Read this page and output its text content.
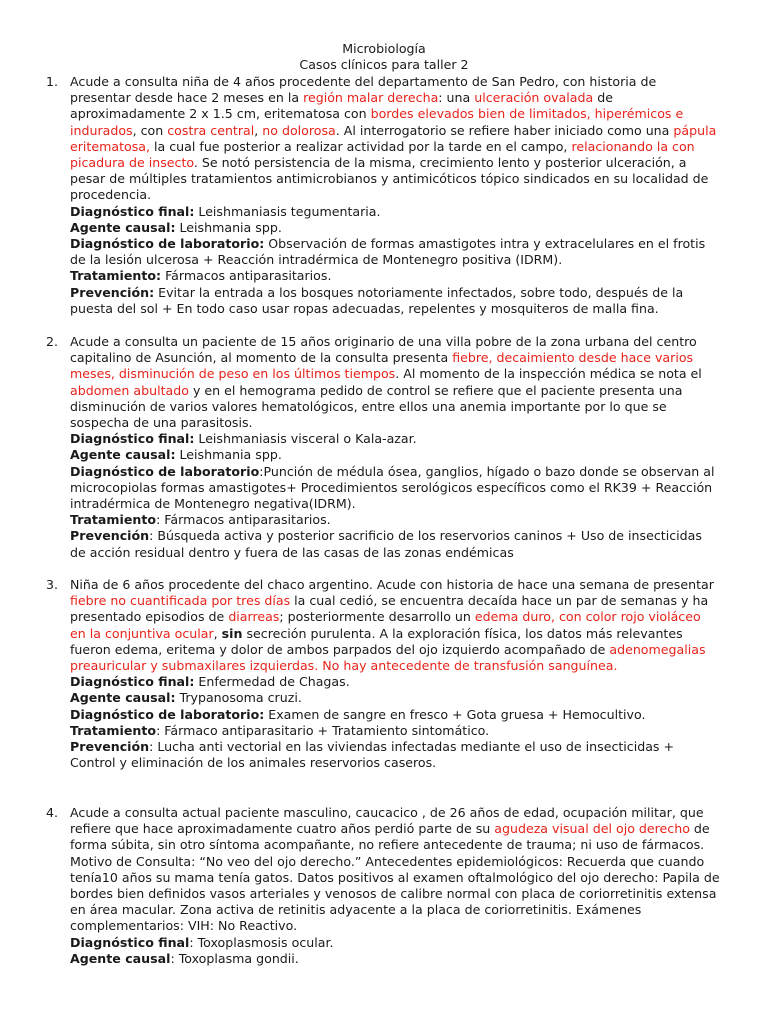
Microbiología
Casos clínicos para taller 2
1. Acude a consulta niña de 4 años procedente del departamento de San Pedro, con historia de presentar desde hace 2 meses en la región malar derecha: una ulceración ovalada de aproximadamente 2 x 1.5 cm, eritematosa con bordes elevados bien de limitados, hiperémicos e indurados, con costra central, no dolorosa. Al interrogatorio se refiere haber iniciado como una pápula eritematosa, la cual fue posterior a realizar actividad por la tarde en el campo, relacionando la con picadura de insecto. Se notó persistencia de la misma, crecimiento lento y posterior ulceración, a pesar de múltiples tratamientos antimicrobianos y antimicóticos tópico sindicados en su localidad de procedencia.

Diagnóstico final: Leishmaniasis tegumentaria.
Agente causal: Leishmania spp.
Diagnóstico de laboratorio: Observación de formas amastigotes intra y extracelulares en el frotis de la lesión ulcerosa + Reacción intradérmica de Montenegro positiva (IDRM).
Tratamiento: Fármacos antiparasitarios.
Prevención: Evitar la entrada a los bosques notoriamente infectados, sobre todo, después de la puesta del sol + En todo caso usar ropas adecuadas, repelentes y mosquiteros de malla fina.
2. Acude a consulta un paciente de 15 años originario de una villa pobre de la zona urbana del centro capitalino de Asunción, al momento de la consulta presenta fiebre, decaimiento desde hace varios meses, disminución de peso en los últimos tiempos. Al momento de la inspección médica se nota el abdomen abultado y en el hemograma pedido de control se refiere que el paciente presenta una disminución de varios valores hematológicos, entre ellos una anemia importante por lo que se sospecha de una parasitosis.

Diagnóstico final: Leishmaniasis visceral o Kala-azar.
Agente causal: Leishmania spp.
Diagnóstico de laboratorio:Punción de médula ósea, ganglios, hígado o bazo donde se observan al microcopiolas formas amastigotes+ Procedimientos serológicos específicos como el RK39 + Reacción intradérmica de Montenegro negativa(IDRM).
Tratamiento: Fármacos antiparasitarios.
Prevención: Búsqueda activa y posterior sacrificio de los reservorios caninos + Uso de insecticidas de acción residual dentro y fuera de las casas de las zonas endémicas
3. Niña de 6 años procedente del chaco argentino. Acude con historia de hace una semana de presentar fiebre no cuantificada por tres días la cual cedió, se encuentra decaída hace un par de semanas y ha presentado episodios de diarreas; posteriormente desarrollo un edema duro, con color rojo violáceo en la conjuntiva ocular, sin secreción purulenta. A la exploración física, los datos más relevantes fueron edema, eritema y dolor de ambos parpados del ojo izquierdo acompañado de adenomegalias preauricular y submaxilares izquierdas. No hay antecedente de transfusión sanguínea.

Diagnóstico final: Enfermedad de Chagas.
Agente causal: Trypanosoma cruzi.
Diagnóstico de laboratorio: Examen de sangre en fresco + Gota gruesa + Hemocultivo.
Tratamiento: Fármaco antiparasitario + Tratamiento sintomático.
Prevención: Lucha anti vectorial en las viviendas infectadas mediante el uso de insecticidas + Control y eliminación de los animales reservorios caseros.
4. Acude a consulta actual paciente masculino, caucacico , de 26 años de edad, ocupación militar, que refiere que hace aproximadamente cuatro años perdió parte de su agudeza visual del ojo derecho de forma súbita, sin otro síntoma acompañante, no refiere antecedente de trauma; ni uso de fármacos. Motivo de Consulta: “No veo del ojo derecho.” Antecedentes epidemiológicos: Recuerda que cuando tenía10 años su mama tenía gatos. Datos positivos al examen oftalmológico del ojo derecho: Papila de bordes bien definidos vasos arteriales y venosos de calibre normal con placa de coriorretinitis extensa en área macular. Zona activa de retinitis adyacente a la placa de coriorretinitis. Exámenes complementarios: VIH: No Reactivo.

Diagnóstico final: Toxoplasmosis ocular.
Agente causal: Toxoplasma gondii.
